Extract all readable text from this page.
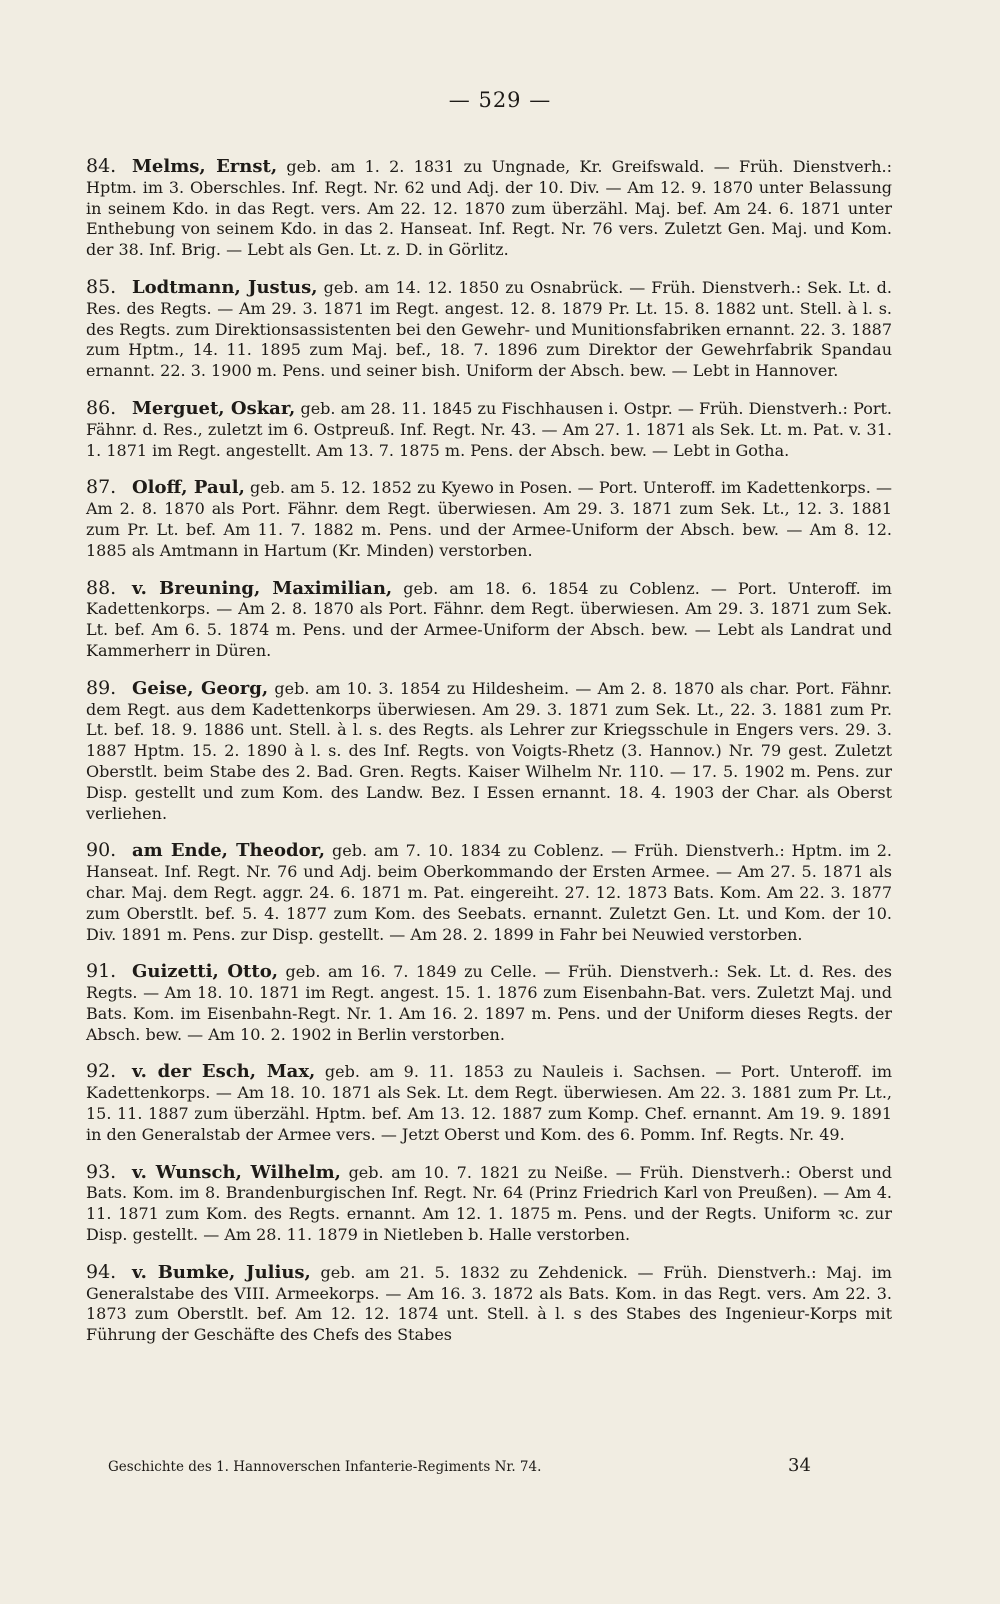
— 529 —

84. Melms, Ernst, geb. am 1. 2. 1831 zu Ungnade, Kr. Greifswald. — Früh. Dienstverh.: Hptm. im 3. Oberschles. Inf. Regt. Nr. 62 und Adj. der 10. Div. — Am 12. 9. 1870 unter Belassung in seinem Kdo. in das Regt. vers. Am 22. 12. 1870 zum überzähl. Maj. bef. Am 24. 6. 1871 unter Enthebung von seinem Kdo. in das 2. Hanseat. Inf. Regt. Nr. 76 vers. Zuletzt Gen. Maj. und Kom. der 38. Inf. Brig. — Lebt als Gen. Lt. z. D. in Görlitz.

85. Lodtmann, Justus, geb. am 14. 12. 1850 zu Osnabrück. — Früh. Dienstverh.: Sek. Lt. d. Res. des Regts. — Am 29. 3. 1871 im Regt. angest. 12. 8. 1879 Pr. Lt. 15. 8. 1882 unt. Stell. à l. s. des Regts. zum Direktionsassistenten bei den Gewehr- und Munitionsfabriken ernannt. 22. 3. 1887 zum Hptm., 14. 11. 1895 zum Maj. bef., 18. 7. 1896 zum Direktor der Gewehrfabrik Spandau ernannt. 22. 3. 1900 m. Pens. und seiner bish. Uniform der Absch. bew. — Lebt in Hannover.

86. Merguet, Oskar, geb. am 28. 11. 1845 zu Fischhausen i. Ostpr. — Früh. Dienstverh.: Port. Fähnr. d. Res., zuletzt im 6. Ostpreuß. Inf. Regt. Nr. 43. — Am 27. 1. 1871 als Sek. Lt. m. Pat. v. 31. 1. 1871 im Regt. angestellt. Am 13. 7. 1875 m. Pens. der Absch. bew. — Lebt in Gotha.

87. Oloff, Paul, geb. am 5. 12. 1852 zu Kyewo in Posen. — Port. Unteroff. im Kadettenkorps. — Am 2. 8. 1870 als Port. Fähnr. dem Regt. überwiesen. Am 29. 3. 1871 zum Sek. Lt., 12. 3. 1881 zum Pr. Lt. bef. Am 11. 7. 1882 m. Pens. und der Armee-Uniform der Absch. bew. — Am 8. 12. 1885 als Amtmann in Hartum (Kr. Minden) verstorben.

88. v. Breuning, Maximilian, geb. am 18. 6. 1854 zu Coblenz. — Port. Unteroff. im Kadettenkorps. — Am 2. 8. 1870 als Port. Fähnr. dem Regt. überwiesen. Am 29. 3. 1871 zum Sek. Lt. bef. Am 6. 5. 1874 m. Pens. und der Armee-Uniform der Absch. bew. — Lebt als Landrat und Kammerherr in Düren.

89. Geise, Georg, geb. am 10. 3. 1854 zu Hildesheim. — Am 2. 8. 1870 als char. Port. Fähnr. dem Regt. aus dem Kadettenkorps überwiesen. Am 29. 3. 1871 zum Sek. Lt., 22. 3. 1881 zum Pr. Lt. bef. 18. 9. 1886 unt. Stell. à l. s. des Regts. als Lehrer zur Kriegsschule in Engers vers. 29. 3. 1887 Hptm. 15. 2. 1890 à l. s. des Inf. Regts. von Voigts-Rhetz (3. Hannov.) Nr. 79 gest. Zuletzt Oberstlt. beim Stabe des 2. Bad. Gren. Regts. Kaiser Wilhelm Nr. 110. — 17. 5. 1902 m. Pens. zur Disp. gestellt und zum Kom. des Landw. Bez. I Essen ernannt. 18. 4. 1903 der Char. als Oberst verliehen.

90. am Ende, Theodor, geb. am 7. 10. 1834 zu Coblenz. — Früh. Dienstverh.: Hptm. im 2. Hanseat. Inf. Regt. Nr. 76 und Adj. beim Oberkommando der Ersten Armee. — Am 27. 5. 1871 als char. Maj. dem Regt. aggr. 24. 6. 1871 m. Pat. eingereiht. 27. 12. 1873 Bats. Kom. Am 22. 3. 1877 zum Oberstlt. bef. 5. 4. 1877 zum Kom. des Seebats. ernannt. Zuletzt Gen. Lt. und Kom. der 10. Div. 1891 m. Pens. zur Disp. gestellt. — Am 28. 2. 1899 in Fahr bei Neuwied verstorben.

91. Guizetti, Otto, geb. am 16. 7. 1849 zu Celle. — Früh. Dienstverh.: Sek. Lt. d. Res. des Regts. — Am 18. 10. 1871 im Regt. angest. 15. 1. 1876 zum Eisenbahn-Bat. vers. Zuletzt Maj. und Bats. Kom. im Eisenbahn-Regt. Nr. 1. Am 16. 2. 1897 m. Pens. und der Uniform dieses Regts. der Absch. bew. — Am 10. 2. 1902 in Berlin verstorben.

92. v. der Esch, Max, geb. am 9. 11. 1853 zu Nauleis i. Sachsen. — Port. Unteroff. im Kadettenkorps. — Am 18. 10. 1871 als Sek. Lt. dem Regt. überwiesen. Am 22. 3. 1881 zum Pr. Lt., 15. 11. 1887 zum überzähl. Hptm. bef. Am 13. 12. 1887 zum Komp. Chef. ernannt. Am 19. 9. 1891 in den Generalstab der Armee vers. — Jetzt Oberst und Kom. des 6. Pomm. Inf. Regts. Nr. 49.

93. v. Wunsch, Wilhelm, geb. am 10. 7. 1821 zu Neiße. — Früh. Dienstverh.: Oberst und Bats. Kom. im 8. Brandenburgischen Inf. Regt. Nr. 64 (Prinz Friedrich Karl von Preußen). — Am 4. 11. 1871 zum Kom. des Regts. ernannt. Am 12. 1. 1875 m. Pens. und der Regts. Uniform ꝛc. zur Disp. gestellt. — Am 28. 11. 1879 in Nietleben b. Halle verstorben.

94. v. Bumke, Julius, geb. am 21. 5. 1832 zu Zehdenick. — Früh. Dienstverh.: Maj. im Generalstabe des VIII. Armeekorps. — Am 16. 3. 1872 als Bats. Kom. in das Regt. vers. Am 22. 3. 1873 zum Oberstlt. bef. Am 12. 12. 1874 unt. Stell. à l. s des Stabes des Ingenieur-Korps mit Führung der Geschäfte des Chefs des Stabes

Geschichte des 1. Hannoverschen Infanterie-Regiments Nr. 74.	34
